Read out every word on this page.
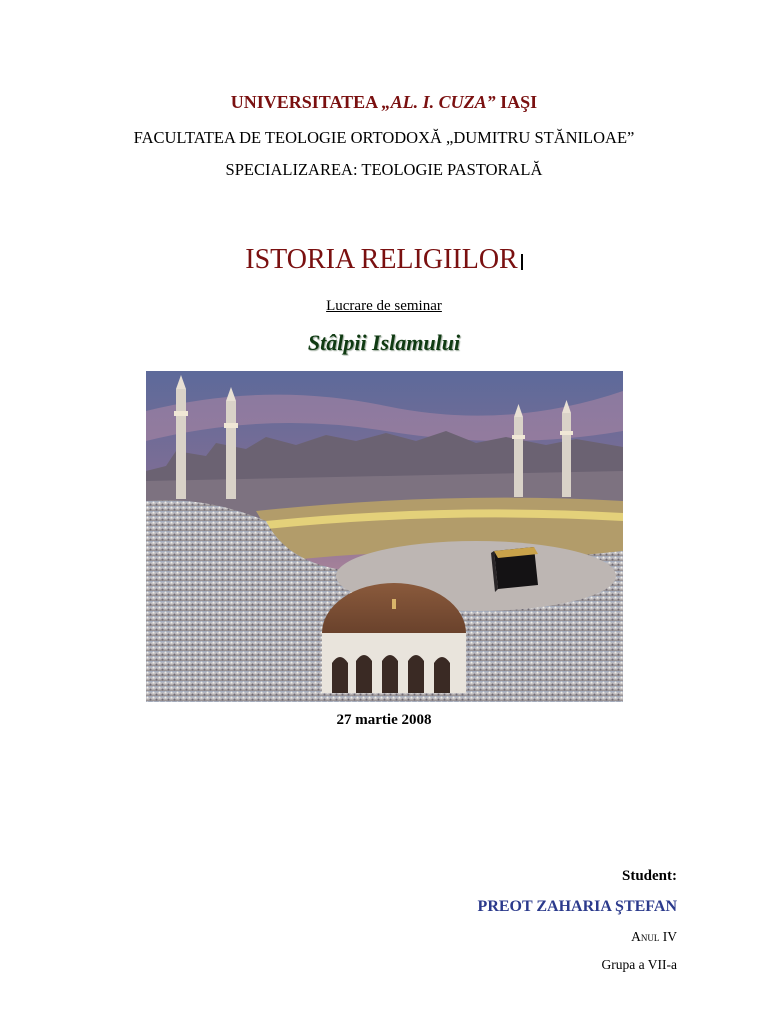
UNIVERSITATEA „AL. I. CUZA” IAŞI
FACULTATEA DE TEOLOGIE ORTODOXĂ „DUMITRU STĂNILOAE”
SPECIALIZAREA: TEOLOGIE PASTORALĂ
ISTORIA RELIGIILOR
Lucrare de seminar
Stâlpii Islamului
27 martie 2008
Student:
PREOT ZAHARIA ŞTEFAN
Anul IV
Grupa a VII-a
